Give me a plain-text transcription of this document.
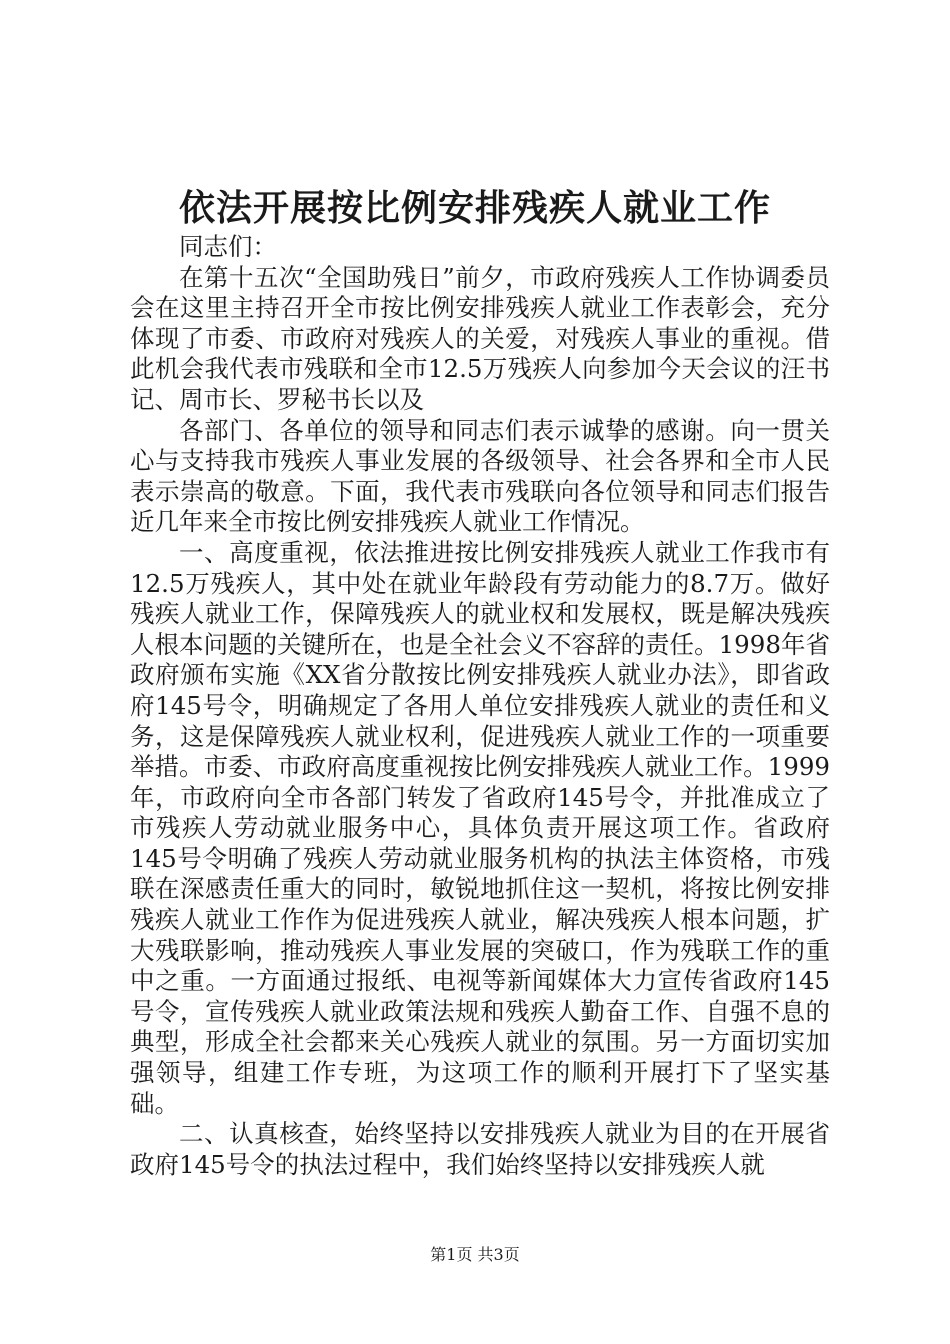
依法开展按比例安排残疾人就业工作

同志们：

在第十五次“全国助残日”前夕，市政府残疾人工作协调委员会在这里主持召开全市按比例安排残疾人就业工作表彰会，充分体现了市委、市政府对残疾人的关爱，对残疾人事业的重视。借此机会我代表市残联和全市12.5万残疾人向参加今天会议的汪书记、周市长、罗秘书长以及

各部门、各单位的领导和同志们表示诚挚的感谢。向一贯关心与支持我市残疾人事业发展的各级领导、社会各界和全市人民表示崇高的敬意。下面，我代表市残联向各位领导和同志们报告近几年来全市按比例安排残疾人就业工作情况。

一、高度重视，依法推进按比例安排残疾人就业工作我市有12.5万残疾人，其中处在就业年龄段有劳动能力的8.7万。做好残疾人就业工作，保障残疾人的就业权和发展权，既是解决残疾人根本问题的关键所在，也是全社会义不容辞的责任。1998年省政府颁布实施《XX省分散按比例安排残疾人就业办法》，即省政府145号令，明确规定了各用人单位安排残疾人就业的责任和义务，这是保障残疾人就业权利，促进残疾人就业工作的一项重要举措。市委、市政府高度重视按比例安排残疾人就业工作。1999年，市政府向全市各部门转发了省政府145号令，并批准成立了市残疾人劳动就业服务中心，具体负责开展这项工作。省政府145号令明确了残疾人劳动就业服务机构的执法主体资格，市残联在深感责任重大的同时，敏锐地抓住这一契机，将按比例安排残疾人就业工作作为促进残疾人就业，解决残疾人根本问题，扩大残联影响，推动残疾人事业发展的突破口，作为残联工作的重中之重。一方面通过报纸、电视等新闻媒体大力宣传省政府145号令，宣传残疾人就业政策法规和残疾人勤奋工作、自强不息的典型，形成全社会都来关心残疾人就业的氛围。另一方面切实加强领导，组建工作专班，为这项工作的顺利开展打下了坚实基础。

二、认真核查，始终坚持以安排残疾人就业为目的在开展省政府145号令的执法过程中，我们始终坚持以安排残疾人就

第1页 共3页
